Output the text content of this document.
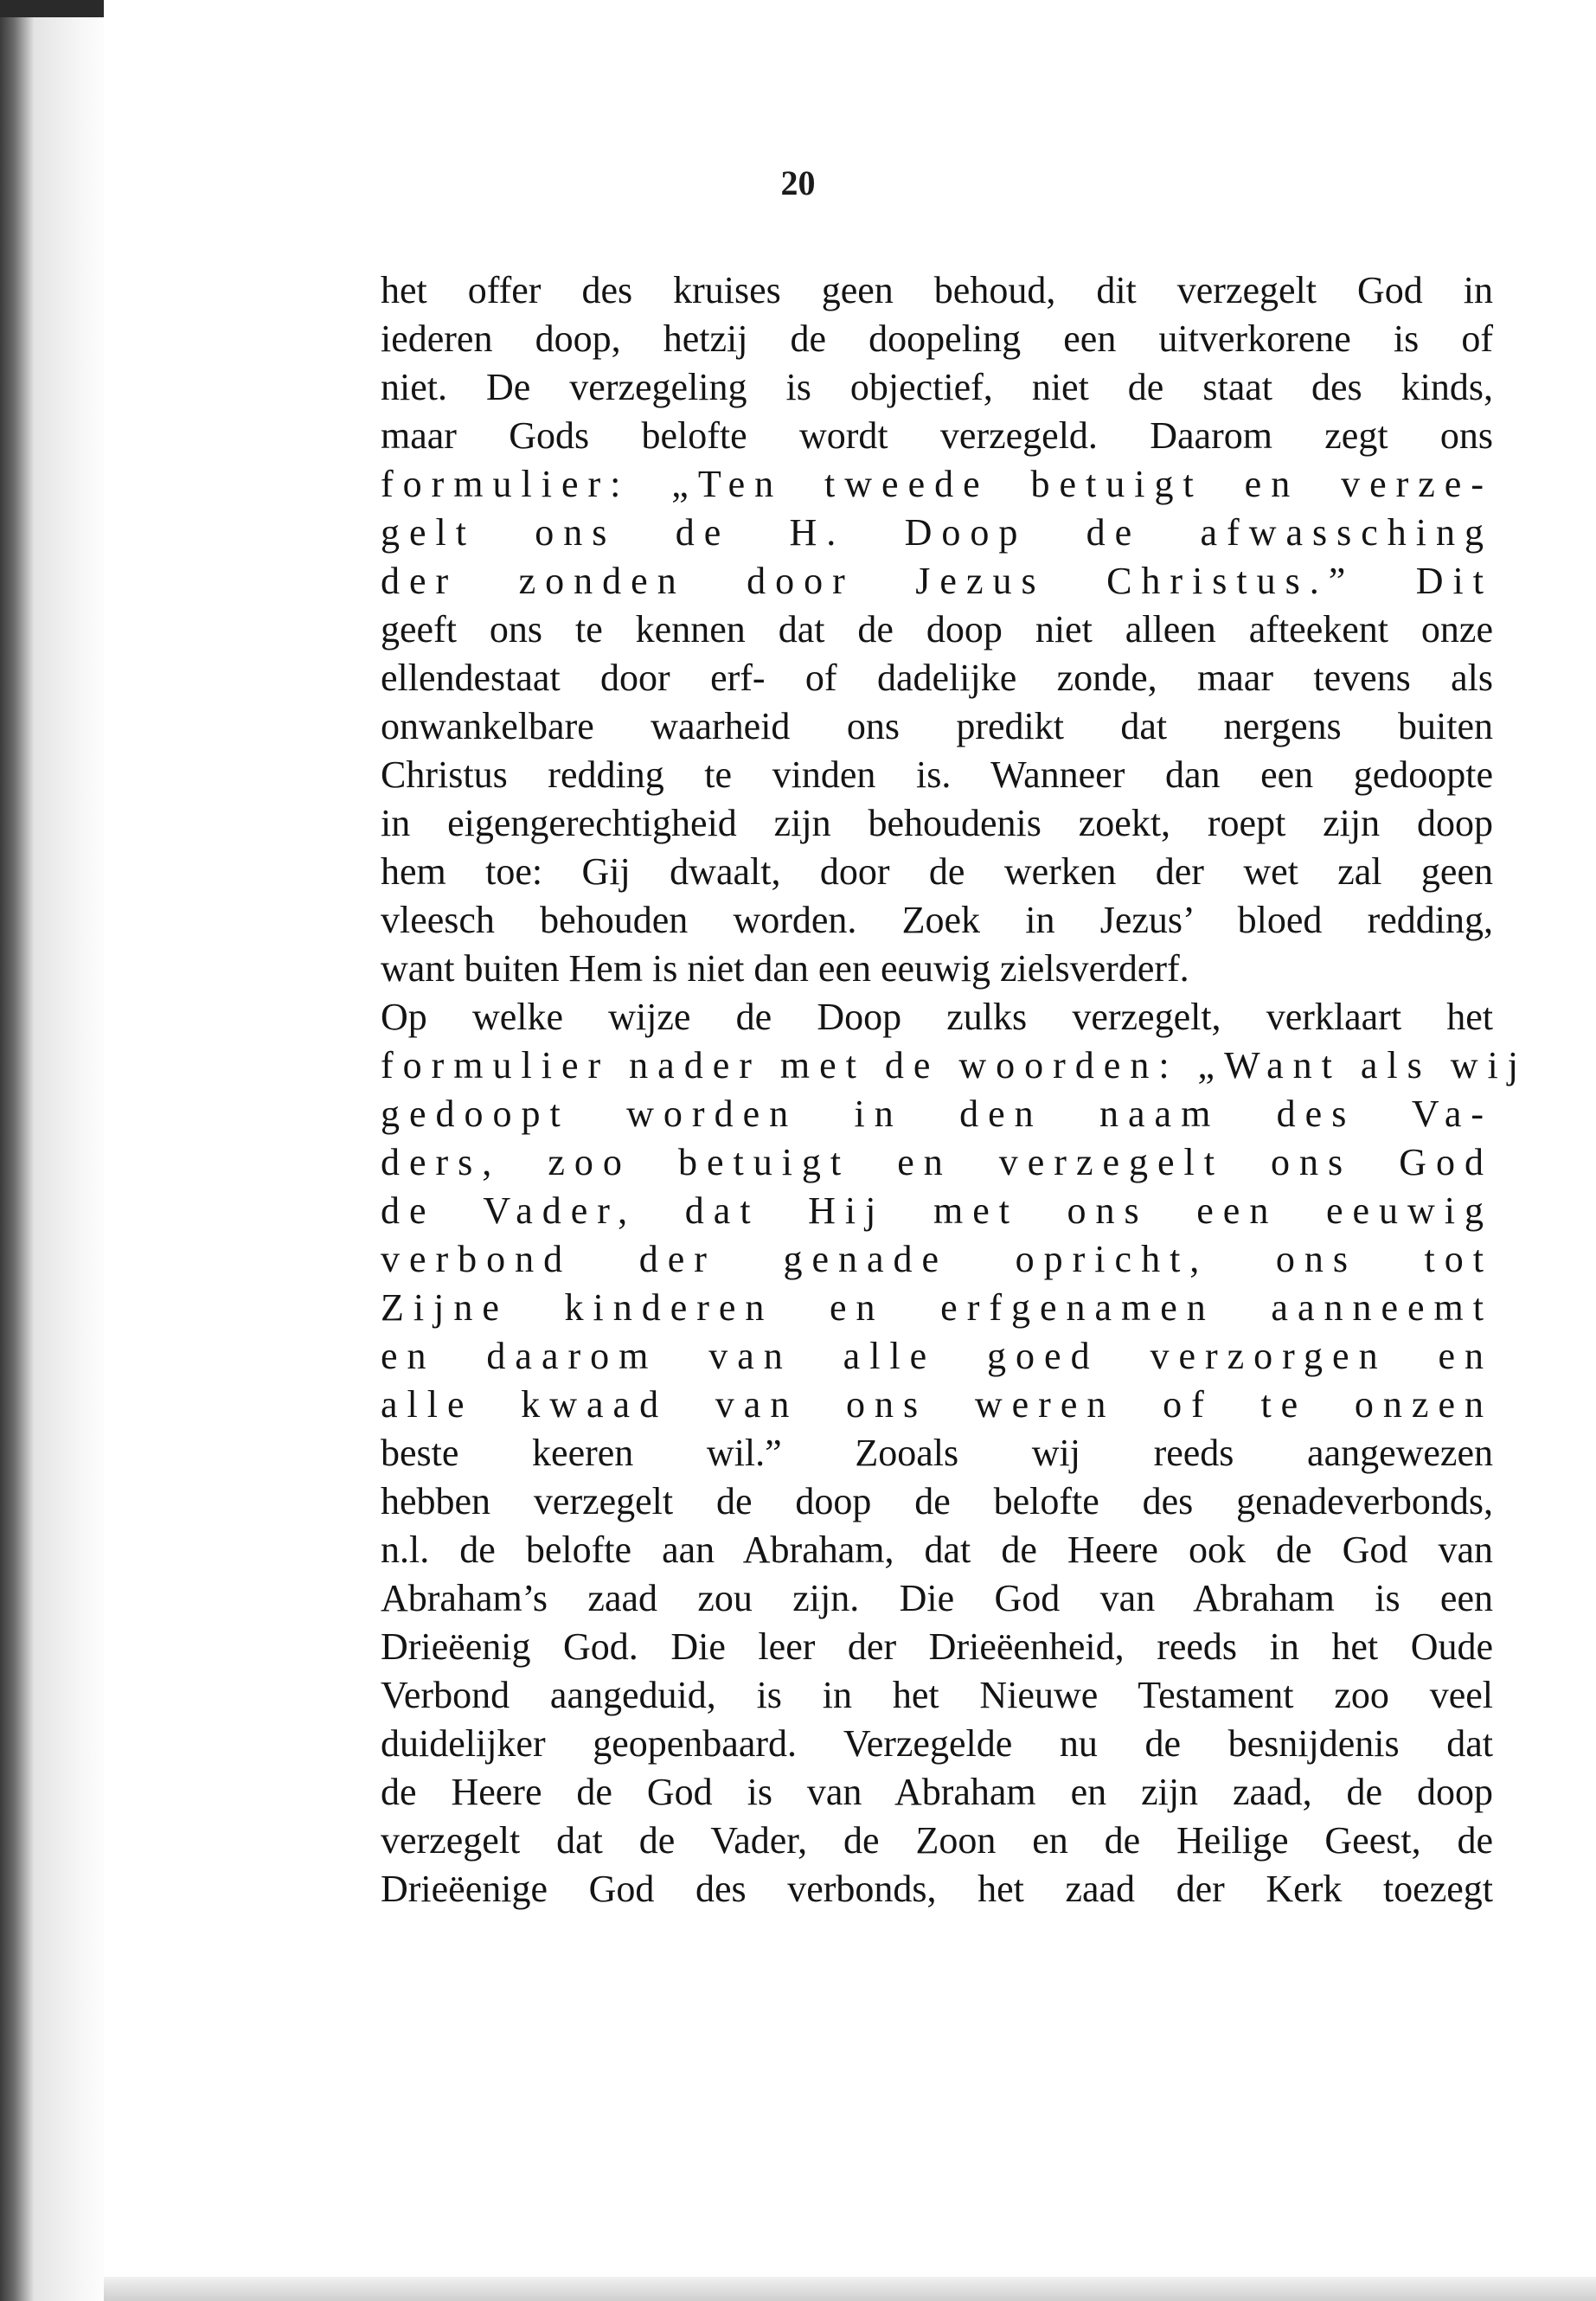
20
het offer des kruises geen behoud, dit verzegelt God in
iederen doop, hetzij de doopeling een uitverkorene is of
niet. De verzegeling is objectief, niet de staat des kinds,
maar Gods belofte wordt verzegeld. Daarom zegt ons
formulier: „Ten tweede betuigt en verze-
gelt ons de H. Doop de afwassching
der zonden door Jezus Christus.” Dit
geeft ons te kennen dat de doop niet alleen afteekent onze
ellendestaat door erf- of dadelijke zonde, maar tevens als
onwankelbare waarheid ons predikt dat nergens buiten
Christus redding te vinden is. Wanneer dan een gedoopte
in eigengerechtigheid zijn behoudenis zoekt, roept zijn doop
hem toe: Gij dwaalt, door de werken der wet zal geen
vleesch behouden worden. Zoek in Jezus’ bloed redding,
want buiten Hem is niet dan een eeuwig zielsverderf.
Op welke wijze de Doop zulks verzegelt, verklaart het
formulier nader met de woorden: „Want als wij
gedoopt worden in den naam des Va-
ders, zoo betuigt en verzegelt ons God
de Vader, dat Hij met ons een eeuwig
verbond der genade opricht, ons tot
Zijne kinderen en erfgenamen aanneemt
en daarom van alle goed verzorgen en
alle kwaad van ons weren of te onzen
beste keeren wil.” Zooals wij reeds aangewezen
hebben verzegelt de doop de belofte des genadeverbonds,
n.l. de belofte aan Abraham, dat de Heere ook de God van
Abraham’s zaad zou zijn. Die God van Abraham is een
Drieëenig God. Die leer der Drieëenheid, reeds in het Oude
Verbond aangeduid, is in het Nieuwe Testament zoo veel
duidelijker geopenbaard. Verzegelde nu de besnijdenis dat
de Heere de God is van Abraham en zijn zaad, de doop
verzegelt dat de Vader, de Zoon en de Heilige Geest, de
Drieëenige God des verbonds, het zaad der Kerk toezegt
